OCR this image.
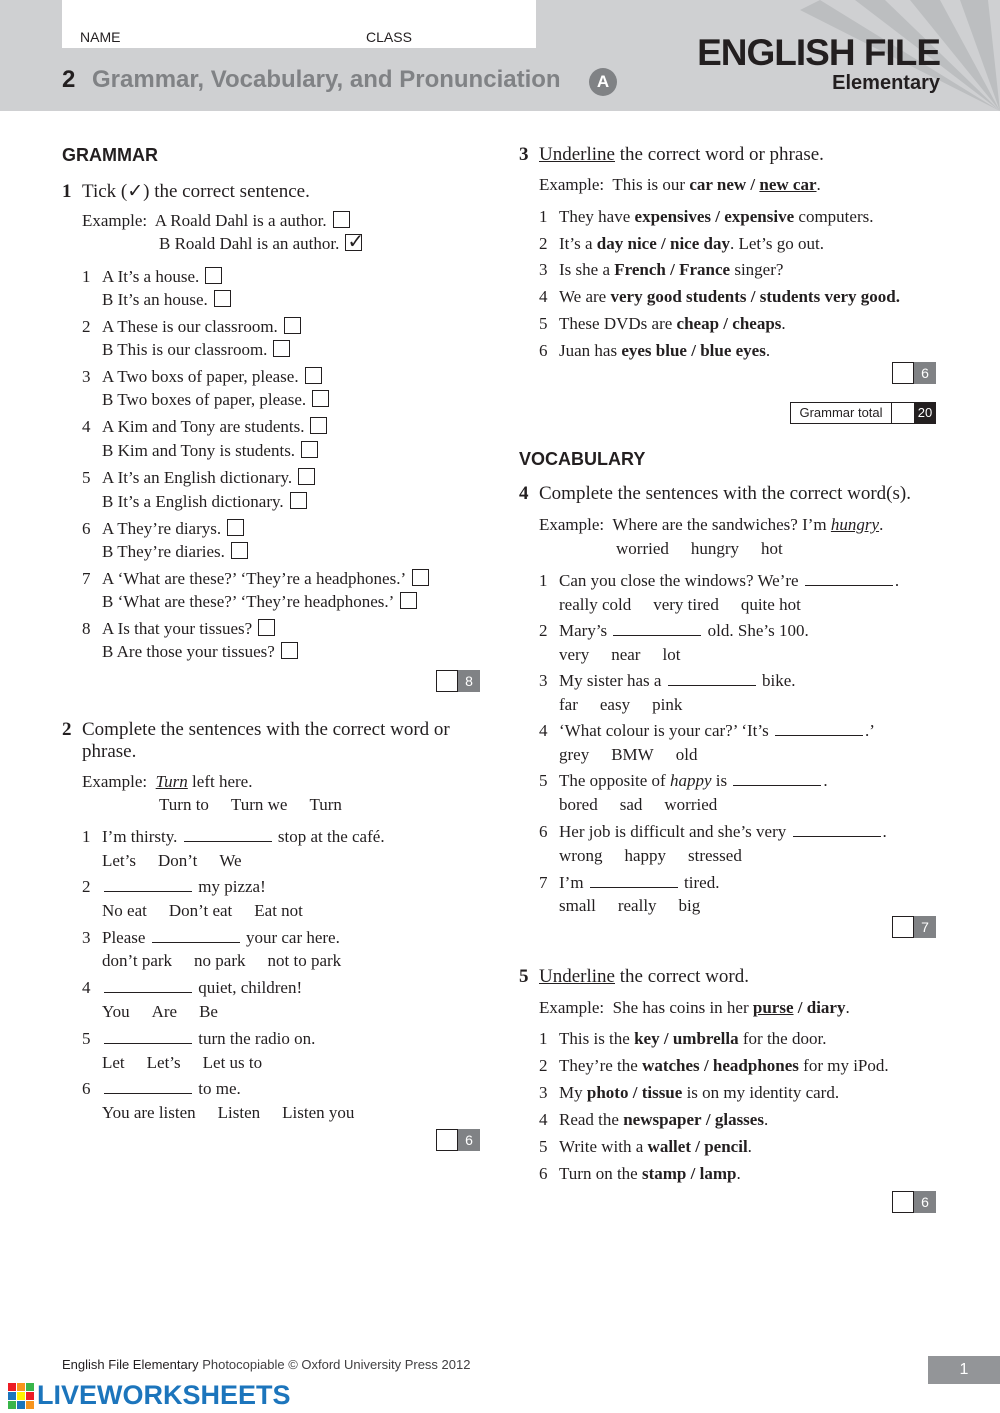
NAME	CLASS
2 Grammar, Vocabulary, and Pronunciation	A
ENGLISH FILE
Elementary
GRAMMAR
1 Tick (✓) the correct sentence.
Example: A Roald Dahl is a author.
B Roald Dahl is an author.✓
1 A It’s a house.
B It’s an house.
2 A These is our classroom.
B This is our classroom.
3 A Two boxs of paper, please.
B Two boxes of paper, please.
4 A Kim and Tony are students.
B Kim and Tony is students.
5 A It’s an English dictionary.
B It’s a English dictionary.
6 A They’re diarys.
B They’re diaries.
7 A ‘What are these?’ ‘They’re a headphones.’
B ‘What are these?’ ‘They’re headphones.’
8 A Is that your tissues?
B Are those your tissues?
8
2 Complete the sentences with the correct word or
phrase.
Example: Turn left here.
Turn to Turn we Turn
1 I’m thirsty.	stop at the café.
Let’s Don’t We
2	my pizza!
No eat Don’t eat Eat not
3 Please	your car here.
don’t park no park not to park
4	quiet, children!
You Are Be
5	turn the radio on.
Let Let’s Let us to
6	to me.
You are listen Listen Listen you
6
3 Underline the correct word or phrase.
Example: This is our car new / new car.
1 They have expensives / expensive computers.
2 It’s a day nice / nice day. Let’s go out.
3 Is she a French / France singer?
4 We are very good students / students very good.
5 These DVDs are cheap / cheaps.
6 Juan has eyes blue / blue eyes.
6
Grammar total	20
VOCABULARY
4 Complete the sentences with the correct word(s).
Example: Where are the sandwiches? I’m hungry.
worried hungry hot
1 Can you close the windows? We’re	.
really cold very tired quite hot
2 Mary’s	old. She’s 100.
very near lot
3 My sister has a	bike.
far easy pink
4 ‘What colour is your car?’ ‘It’s	.’
grey BMW old
5 The opposite of happy is	.
bored sad worried
6 Her job is difficult and she’s very	.
wrong happy stressed
7 I’m	tired.
small really big
7
5 Underline the correct word.
Example: She has coins in her purse / diary.
1 This is the key / umbrella for the door.
2 They’re the watches / headphones for my iPod.
3 My photo / tissue is on my identity card.
4 Read the newspaper / glasses.
5 Write with a wallet / pencil.
6 Turn on the stamp / lamp.
6
English File Elementary Photocopiable © Oxford University Press 2012	1
LIVEWORKSHEETS
